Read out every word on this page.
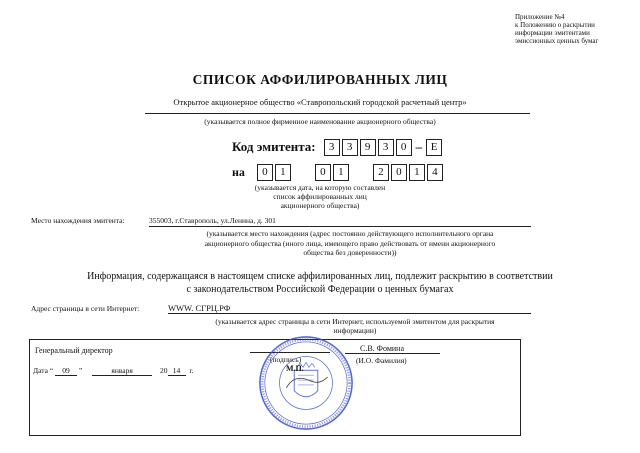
Приложение №4
к Положению о раскрытии
информации эмитентами
эмиссионных ценных бумаг
СПИСОК АФФИЛИРОВАННЫХ ЛИЦ
Открытое акционерное общество «Ставропольский городской расчетный центр»
(указывается полное фирменное наименование акционерного общества)
Код эмитента:	3	3	9	3	0 – E
на	0	1	0	1	2	0	1	4
(указывается дата, на которую составлен
список аффилированных лиц
акционерного общества)
Место нахождения эмитента:	355003, г.Ставрополь, ул.Ленина, д. 301
(указывается место нахождения (адрес постоянно действующего исполнительного органа
акционерного общества (иного лица, имеющего право действовать от имени акционерного
общества без доверенности))
Информация, содержащаяся в настоящем списке аффилированных лиц, подлежит раскрытию в соответствии
с законодательством Российской Федерации о ценных бумагах
Адрес страницы в сети Интернет:	WWW. СГРЦ.РФ
(указывается адрес страницы в сети Интернет, используемой эмитентом для раскрытия
информации)
Генеральный директор
(подпись)
С.В. Фомина
(И.О. Фамилия)
Дата “ 09 ”	января	20 14 г.	М.П.
